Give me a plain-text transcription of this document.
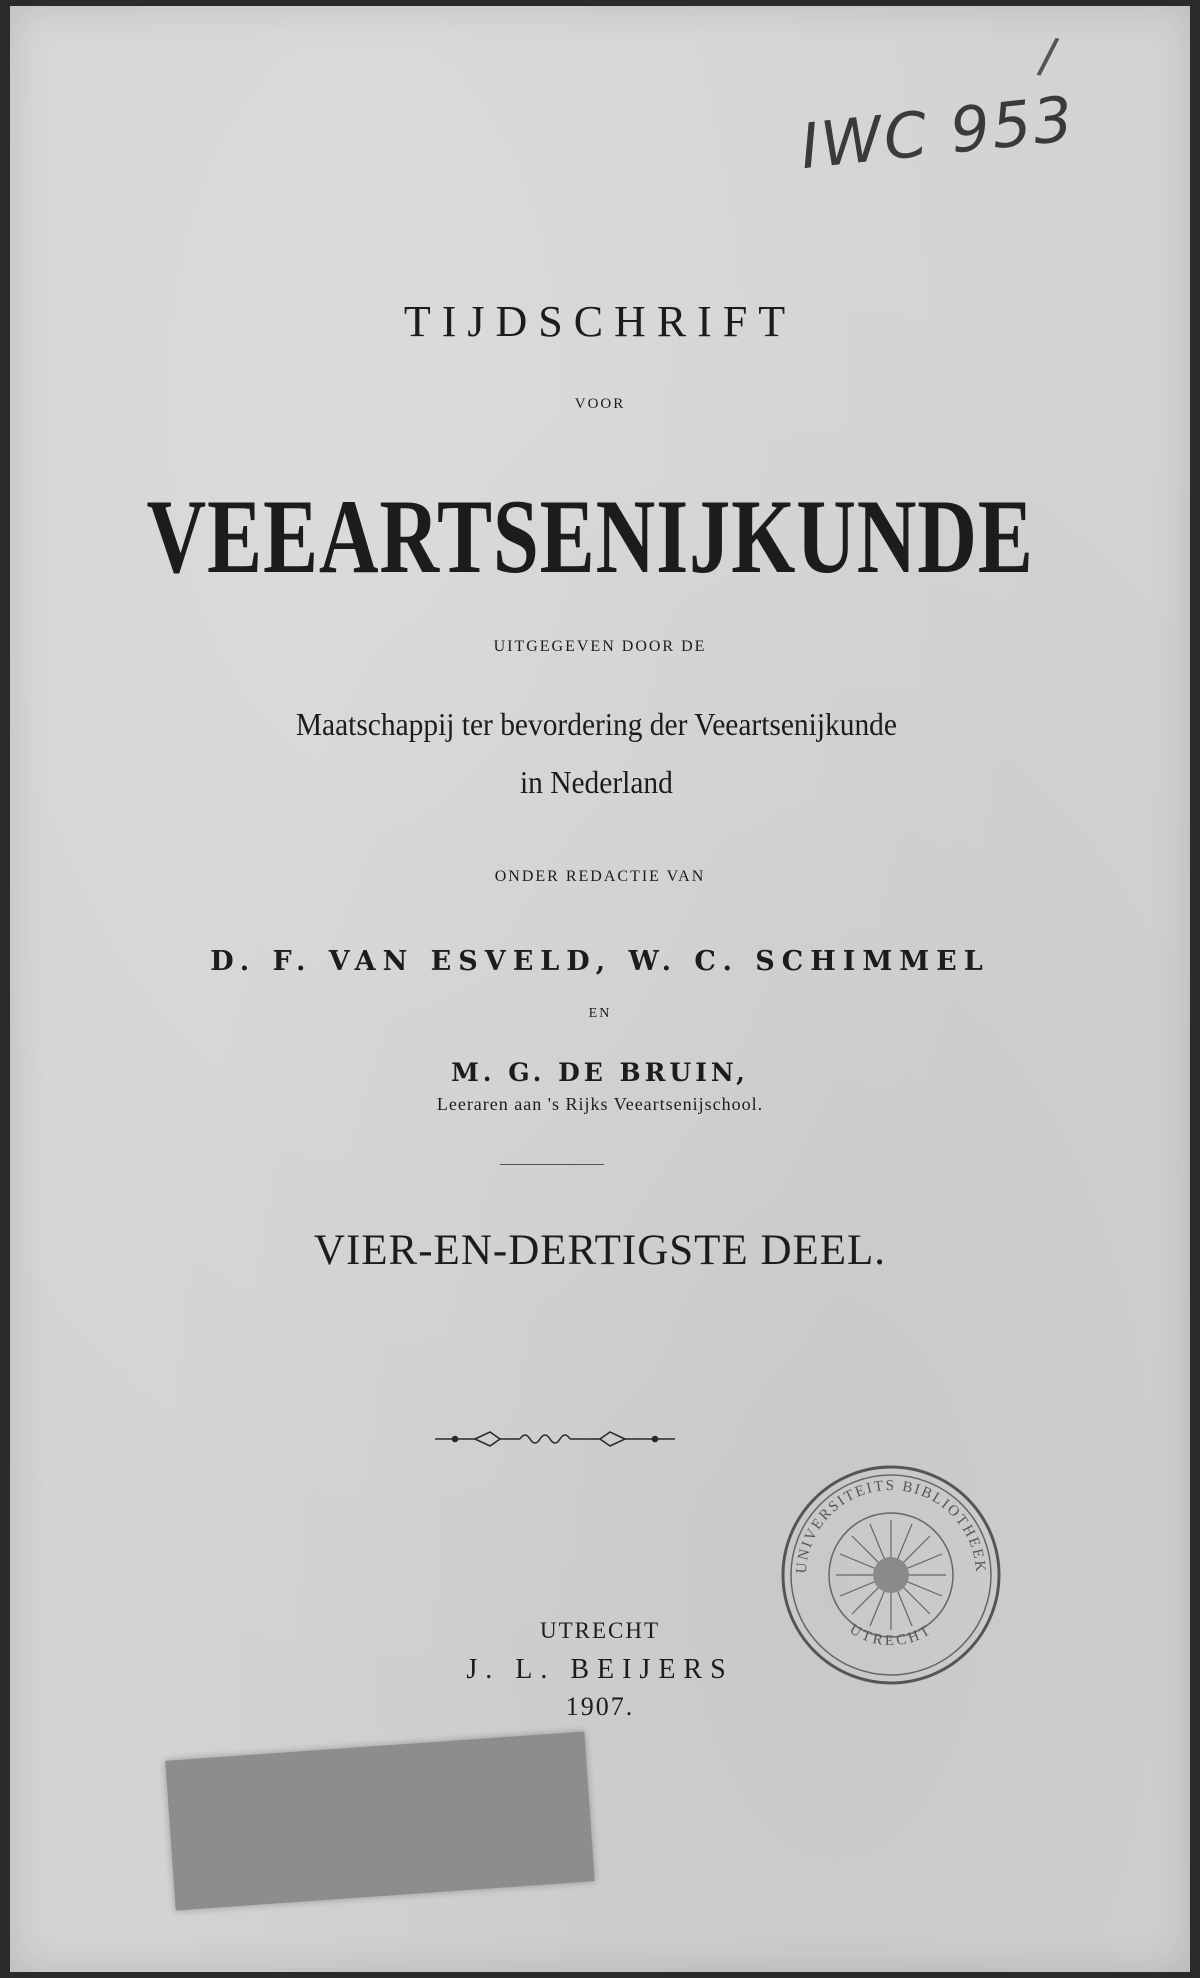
IWC 953
/
TIJDSCHRIFT
VOOR
VEEARTSENIJKUNDE
UITGEGEVEN DOOR DE
Maatschappij ter bevordering der Veeartsenijkunde
in Nederland
ONDER REDACTIE VAN
D. F. VAN ESVELD, W. C. SCHIMMEL
EN
M. G. DE BRUIN,
Leeraren aan 's Rijks Veeartsenijschool.
VIER-EN-DERTIGSTE DEEL.
UNIVERSITEITS BIBLIOTHEEK
UTRECHT
UTRECHT
J. L. BEIJERS
1907.
